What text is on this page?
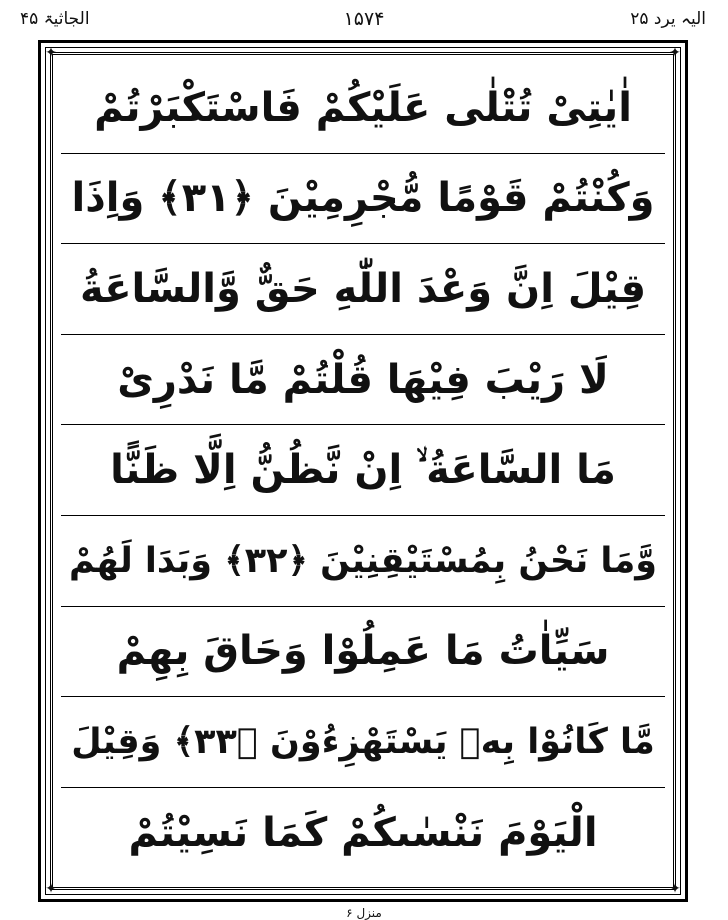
الجاثیۃ ۴۵	۱۵۷۴	الیہ یرد ۲۵
✦	✦
✦	✦
اٰیٰتِیْ تُتْلٰی عَلَیْکُمْ فَاسْتَکْبَرْتُمْ
وَکُنْتُمْ قَوْمًا مُّجْرِمِیْنَ ﴿۳۱﴾ وَاِذَا
قِیْلَ اِنَّ وَعْدَ اللّٰهِ حَقٌّ وَّالسَّاعَةُ
لَا رَیْبَ فِیْهَا قُلْتُمْ مَّا نَدْرِیْ
مَا السَّاعَةُ ۙ اِنْ نَّظُنُّ اِلَّا ظَنًّا
وَّمَا نَحْنُ بِمُسْتَیْقِنِیْنَ ﴿۳۲﴾ وَبَدَا لَهُمْ
سَیِّاٰتُ مَا عَمِلُوْا وَحَاقَ بِهِمْ
مَّا كَانُوْا بِهٖ یَسْتَهْزِءُوْنَ ﴿۳۳﴾ وَقِیْلَ
الْیَوْمَ نَنْسٰىكُمْ كَمَا نَسِیْتُمْ
منزل ۶
